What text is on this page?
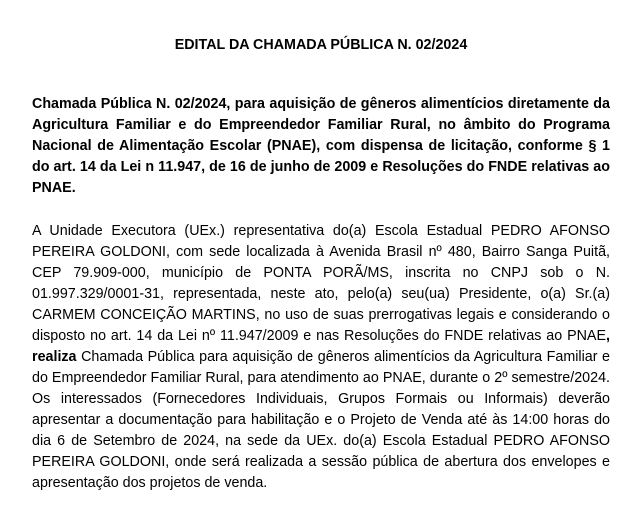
EDITAL DA CHAMADA PÚBLICA N. 02/2024

Chamada Pública N. 02/2024, para aquisição de gêneros alimentícios diretamente da Agricultura Familiar e do Empreendedor Familiar Rural, no âmbito do Programa Nacional de Alimentação Escolar (PNAE), com dispensa de licitação, conforme § 1 do art. 14 da Lei n 11.947, de 16 de junho de 2009 e Resoluções do FNDE relativas ao PNAE.

A Unidade Executora (UEx.) representativa do(a) Escola Estadual PEDRO AFONSO PEREIRA GOLDONI, com sede localizada à Avenida Brasil nº 480, Bairro Sanga Puitã, CEP 79.909-000, município de PONTA PORÃ/MS, inscrita no CNPJ sob o N. 01.997.329/0001-31, representada, neste ato, pelo(a) seu(ua) Presidente, o(a) Sr.(a) CARMEM CONCEIÇÃO MARTINS, no uso de suas prerrogativas legais e considerando o disposto no art. 14 da Lei nº 11.947/2009 e nas Resoluções do FNDE relativas ao PNAE, realiza Chamada Pública para aquisição de gêneros alimentícios da Agricultura Familiar e do Empreendedor Familiar Rural, para atendimento ao PNAE, durante o 2º semestre/2024. Os interessados (Fornecedores Individuais, Grupos Formais ou Informais) deverão apresentar a documentação para habilitação e o Projeto de Venda até às 14:00 horas do dia 6 de Setembro de 2024, na sede da UEx. do(a) Escola Estadual PEDRO AFONSO PEREIRA GOLDONI, onde será realizada a sessão pública de abertura dos envelopes e apresentação dos projetos de venda.
